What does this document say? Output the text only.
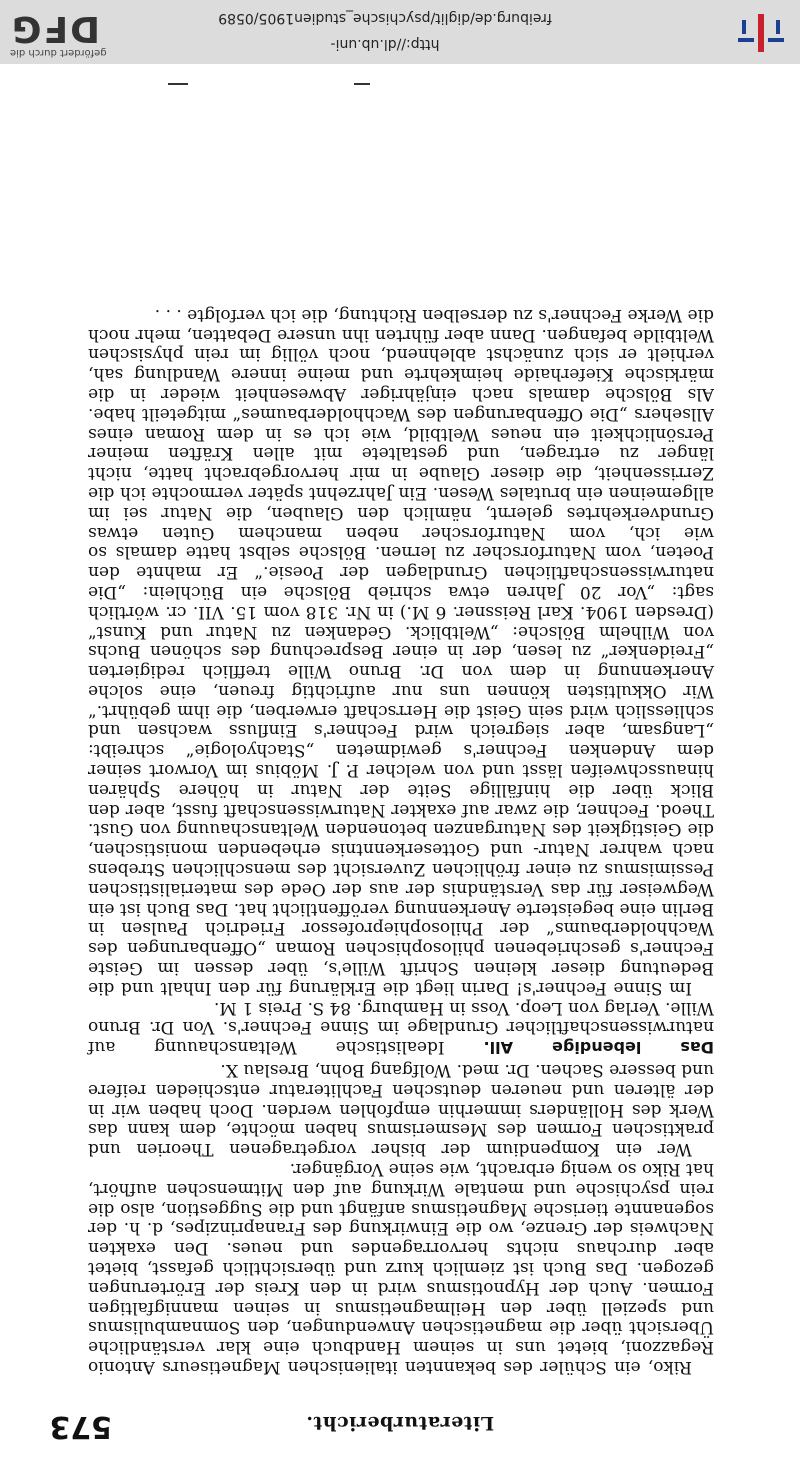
Literaturbericht.
573

Riko, ein Schüler des bekannten italienischen Magnetiseurs Antonio Regazzoni, bietet uns in seinem Handbuch eine klar verständliche Übersicht über die magnetischen Anwendungen, den Somnambulismus und speziell über den Heilmagnetismus in seinen mannigfaltigen Formen. Auch der Hypnotismus wird in den Kreis der Erörterungen gezogen. Das Buch ist ziemlich kurz und übersichtlich gefasst, bietet aber durchaus nichts hervorragendes und neues. Den exakten Nachweis der Grenze, wo die Einwirkung des Franaprinzipes, d. h. der sogenannte tierische Magnetismus anfängt und die Suggestion, also die rein psychische und mentale Wirkung auf den Mitmenschen aufhört, hat Riko so wenig erbracht, wie seine Vorgänger.

Wer ein Kompendium der bisher vorgetragenen Theorien und praktischen Formen des Mesmerismus haben möchte, dem kann das Werk des Holländers immerhin empfohlen werden. Doch haben wir in der älteren und neueren deutschen Fachliteratur entschieden reifere und bessere Sachen. Dr. med. Wolfgang Bohn, Breslau X.

Das lebendige All. Idealistische Weltanschauung auf naturwissenschaftlicher Grundlage im Sinne Fechner's. Von Dr. Bruno Wille. Verlag von Leop. Voss in Hamburg. 84 S. Preis 1 M.

Im Sinne Fechner's! Darin liegt die Erklärung für den Inhalt und die Bedeutung dieser kleinen Schrift Wille's, über dessen im Geiste Fechner's geschriebenen philosophischen Roman „Offenbarungen des Wachholderbaums“ der Philosophieprofessor Friedrich Paulsen in Berlin eine begeisterte Anerkennung veröffentlicht hat. Das Buch ist ein Wegweiser für das Verständnis der aus der Oede des materialistischen Pessimismus zu einer fröhlichen Zuversicht des menschlichen Strebens nach wahrer Natur- und Gotteserkenntnis erhebenden monistischen, die Geistigkeit des Naturganzen betonenden Weltanschauung von Gust. Theod. Fechner, die zwar auf exakter Naturwissenschaft fusst, aber den Blick über die hinfällige Seite der Natur in höhere Sphären hinausschweifen lässt und von welcher P. J. Möbius im Vorwort seiner dem Andenken Fechner's gewidmeten „Stachyologie“ schreibt: „Langsam, aber siegreich wird Fechner's Einfluss wachsen und schliesslich wird sein Geist die Herrschaft erwerben, die ihm gebührt.“ Wir Okkultisten können uns nur aufrichtig freuen, eine solche Anerkennung in dem von Dr. Bruno Wille trefflich redigierten „Freidenker“ zu lesen, der in einer Besprechung des schönen Buchs von Wilhelm Bölsche: „Weltblick. Gedanken zu Natur und Kunst“ (Dresden 1904. Karl Reissner. 6 M.) in Nr. 318 vom 15. VII. cr. wörtlich sagt: „Vor 20 Jahren etwa schrieb Bölsche ein Büchlein: „Die naturwissenschaftlichen Grundlagen der Poesie.“ Er mahnte den Poeten, vom Naturforscher zu lernen. Bölsche selbst hatte damals so wie ich, vom Naturforscher neben manchem Guten etwas Grundverkehrtes gelernt, nämlich den Glauben, die Natur sei im allgemeinen ein brutales Wesen. Ein Jahrzehnt später vermochte ich die Zerrissenheit, die dieser Glaube in mir hervorgebracht hatte, nicht länger zu ertragen, und gestaltete mit allen Kräften meiner Persönlichkeit ein neues Weltbild, wie ich es in dem Roman eines Allsehers „Die Offenbarungen des Wachholderbaumes“ mitgeteilt habe. Als Bölsche damals nach einjähriger Abwesenheit wieder in die märkische Kieferhaide heimkehrte und meine innere Wandlung sah, verhielt er sich zunächst ablehnend, noch völlig im rein physischen Weltbilde befangen. Dann aber führten ihn unsere Debatten, mehr noch die Werke Fechner's zu derselben Richtung, die ich verfolgte . . .

http://dl.ub.uni-freiburg.de/diglit/psychische_studien1905/0589
gefördert durch die
DFG
